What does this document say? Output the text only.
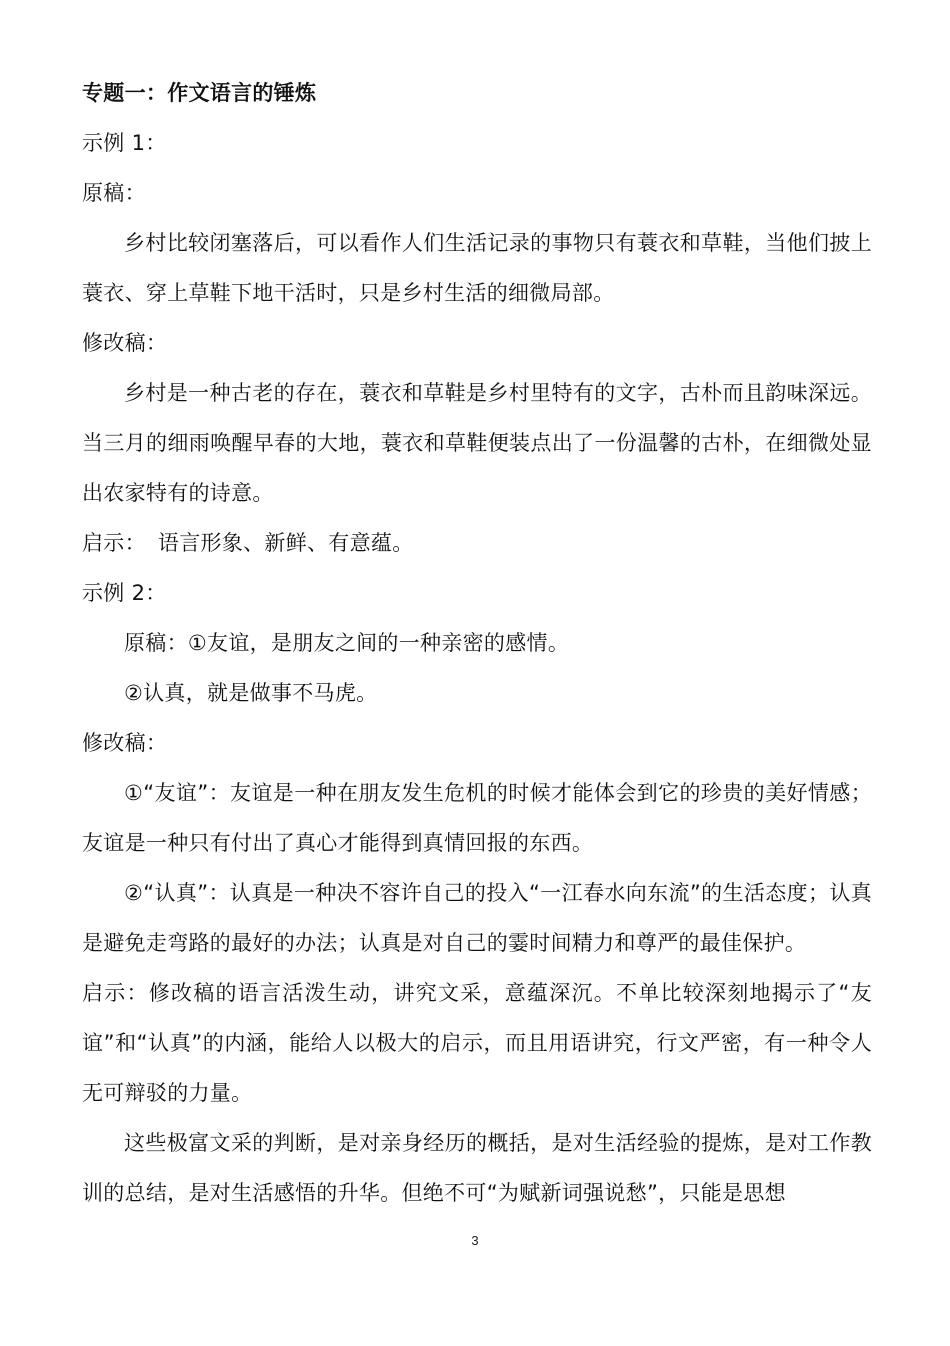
专题一：作文语言的锤炼
示例 1：
原稿：
乡村比较闭塞落后，可以看作人们生活记录的事物只有蓑衣和草鞋，当他们披上蓑衣、穿上草鞋下地干活时，只是乡村生活的细微局部。
修改稿：
乡村是一种古老的存在，蓑衣和草鞋是乡村里特有的文字，古朴而且韵味深远。当三月的细雨唤醒早春的大地，蓑衣和草鞋便装点出了一份温馨的古朴，在细微处显出农家特有的诗意。
启示： 语言形象、新鲜、有意蕴。
示例 2：
原稿：①友谊，是朋友之间的一种亲密的感情。
②认真，就是做事不马虎。
修改稿：
①“友谊”：友谊是一种在朋友发生危机的时候才能体会到它的珍贵的美好情感；友谊是一种只有付出了真心才能得到真情回报的东西。
②“认真”：认真是一种决不容许自己的投入“一江春水向东流”的生活态度；认真是避免走弯路的最好的办法；认真是对自己的霎时间精力和尊严的最佳保护。
启示：修改稿的语言活泼生动，讲究文采，意蕴深沉。不单比较深刻地揭示了“友谊”和“认真”的内涵，能给人以极大的启示，而且用语讲究，行文严密，有一种令人无可辩驳的力量。
这些极富文采的判断，是对亲身经历的概括，是对生活经验的提炼，是对工作教训的总结，是对生活感悟的升华。但绝不可“为赋新词强说愁”，只能是思想
3
